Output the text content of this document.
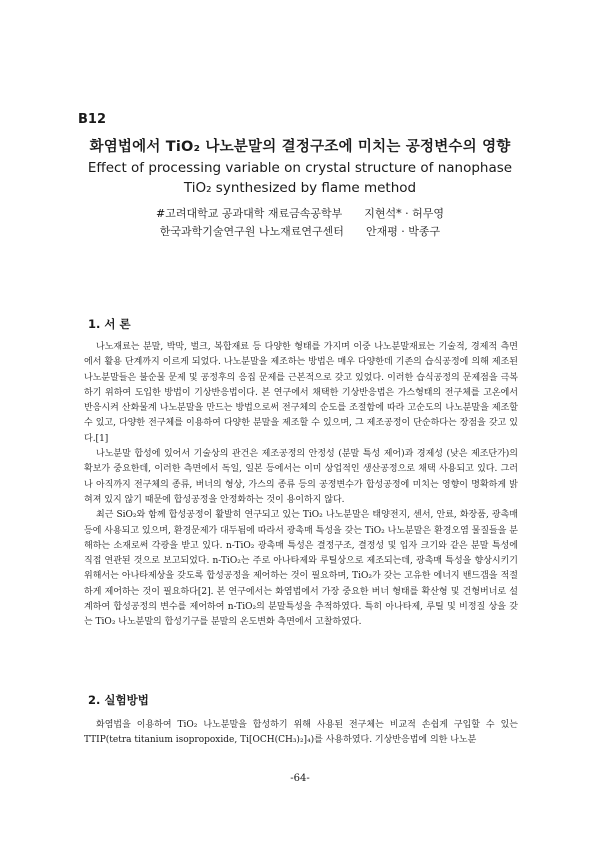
B12
화염법에서 TiO₂ 나노분말의 결정구조에 미치는 공정변수의 영향
Effect of processing variable on crystal structure of nanophase
TiO₂ synthesized by flame method
#고려대학교 공과대학 재료금속공학부 지현석* · 허무영
한국과학기술연구원 나노재료연구센터 안재평 · 박종구
1. 서 론

나노재료는 분말, 박막, 벌크, 복합재료 등 다양한 형태를 가지며 이중 나노분말재료는 기술적, 경제적 측면에서 활용 단계까지 이르게 되었다. 나노분말을 제조하는 방법은 매우 다양한데 기존의 습식공정에 의해 제조된 나노분말들은 불순물 문제 및 공정후의 응집 문제를 근본적으로 갖고 있었다. 이러한 습식공정의 문제점을 극복하기 위하여 도입한 방법이 기상반응법이다. 본 연구에서 채택한 기상반응법은 가스형태의 전구체를 고온에서 반응시켜 산화물계 나노분말을 만드는 방법으로써 전구체의 순도를 조절함에 따라 고순도의 나노분말을 제조할 수 있고, 다양한 전구체를 이용하여 다양한 분말을 제조할 수 있으며, 그 제조공정이 단순하다는 장점을 갖고 있다.[1]

나노분말 합성에 있어서 기술상의 관건은 제조공정의 안정성 (분말 특성 제어)과 경제성 (낮은 제조단가)의 확보가 중요한데, 이러한 측면에서 독일, 일본 등에서는 이미 상업적인 생산공정으로 채택 사용되고 있다. 그러나 아직까지 전구체의 종류, 버너의 형상, 가스의 종류 등의 공정변수가 합성공정에 미치는 영향이 명확하게 밝혀져 있지 않기 때문에 합성공정을 안정화하는 것이 용이하지 않다.

최근 SiO₂와 함께 합성공정이 활발히 연구되고 있는 TiO₂ 나노분말은 태양전지, 센서, 안료, 화장품, 광촉매 등에 사용되고 있으며, 환경문제가 대두됨에 따라서 광촉매 특성을 갖는 TiO₂ 나노분말은 환경오염 물질들을 분해하는 소재로써 각광을 받고 있다. n-TiO₂ 광촉매 특성은 결정구조, 결정성 및 입자 크기와 같은 분말 특성에 직접 연관된 것으로 보고되었다. n-TiO₂는 주로 아나타제와 루틸상으로 제조되는데, 광촉매 특성을 향상시키기 위해서는 아나타제상을 갖도록 합성공정을 제어하는 것이 필요하며, TiO₂가 갖는 고유한 에너지 밴드갭을 적절하게 제어하는 것이 필요하다[2]. 본 연구에서는 화염법에서 가장 중요한 버너 형태를 확산형 및 건형버너로 설계하여 합성공정의 변수를 제어하여 n-TiO₂의 분말특성을 추적하였다. 특히 아나타제, 루틸 및 비정질 상을 갖는 TiO₂ 나노분말의 합성기구를 분말의 온도변화 측면에서 고찰하였다.

2. 실험방법

화염법을 이용하여 TiO₂ 나노분말을 합성하기 위해 사용된 전구체는 비교적 손쉽게 구입할 수 있는 TTIP(tetra titanium isopropoxide, Ti[OCH(CH₃)₂]₄)를 사용하였다. 기상반응법에 의한 나노분

-64-
